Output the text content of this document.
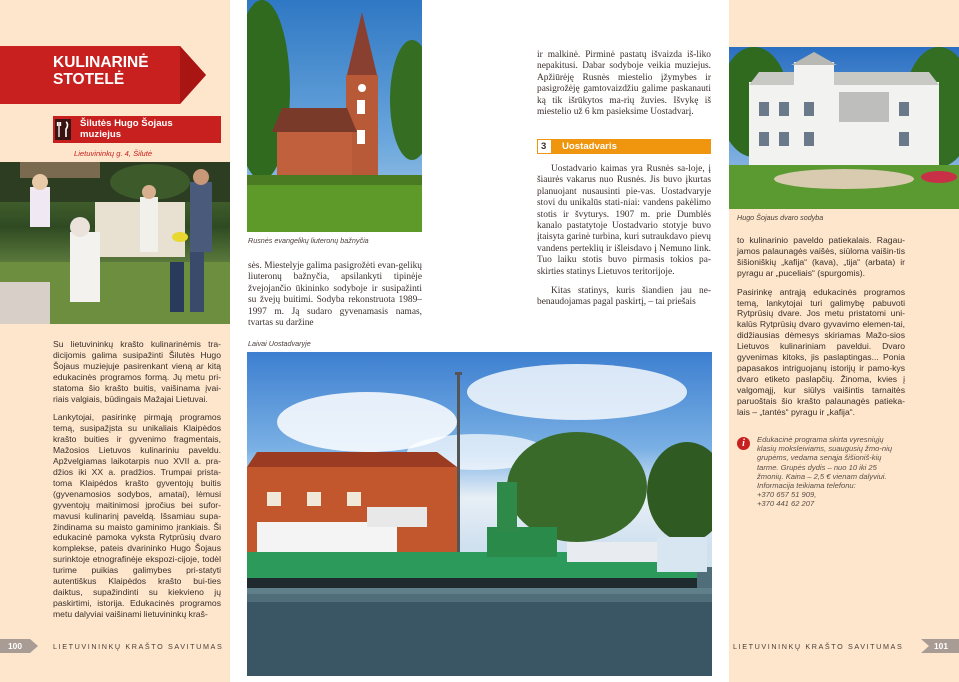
KULINARINĖ
STOTELĖ
Šilutės Hugo Šojaus
muziejus
Lietuvininkų g. 4, Šilutė

Su lietuvininkų krašto kulinarinėmis tra-dicijomis galima susipažinti Šilutės Hugo Šojaus muziejuje pasirenkant vieną ar kitą edukacinės programos formą. Jų metu pri-statoma šio krašto buitis, vaišinama įvai-riais valgiais, būdingais Mažajai Lietuvai.

Lankytojai, pasirinkę pirmąją programos temą, susipažįsta su unikaliais Klaipėdos krašto buities ir gyvenimo fragmentais, Mažosios Lietuvos kulinariniu paveldu. Apžvelgiamas laikotarpis nuo XVII a. pra-džios iki XX a. pradžios. Trumpai prista-toma Klaipėdos krašto gyventojų buitis (gyvenamosios sodybos, amatai), lėmusi gyventojų maitinimosi įpročius bei sufor-mavusi kulinarinį paveldą. Išsamiau supa-žindinama su maisto gaminimo įrankiais. Ši edukacinė pamoka vyksta Rytprūsių dvaro komplekse, pateis dvarininko Hugo Šojaus surinktoje etnografinėje ekspozi-cijoje, todėl turime puikias galimybes pri-statyti autentiškus Klaipėdos krašto bui-ties daiktus, supažindinti su kiekvieno jų paskirtimi, istorija. Edukacinės programos metu dalyviai vaišinami lietuvininkų kraš-

Rusnės evangelikų liuteronų bažnyčia

sės. Miestelyje galima pasigrožėti evan-gelikų liuteronų bažnyčia, apsilankyti tipinėje žvejojančio ūkininko sodyboje ir susipažinti su žvejų buitimi. Sodyba rekonstruota 1989–1997 m. Ją sudaro gyvenamasis namas, tvartas su daržine

Laivai Uostadvaryje
100	LIETUVININKŲ KRAŠTO SAVITUMAS

ir malkinė. Pirminė pastatų išvaizda iš-liko nepakitusi. Dabar sodyboje veikia muziejus. Apžiūrėję Rusnės miestelio įžymybes ir pasigrožėję gamtovaizdžiu galime paskanauti ką tik išrūkytos ma-rių žuvies. Išvykę iš miestelio už 6 km pasieksime Uostadvarį.

3 Uostadvaris

Uostadvario kaimas yra Rusnės sa-loje, į šiaurės vakarus nuo Rusnės. Jis buvo įkurtas planuojant nusausinti pie-vas. Uostadvaryje stovi du unikalūs stati-niai: vandens pakėlimo stotis ir švyturys. 1907 m. prie Dumblės kanalo pastatytoje Uostadvario stotyje buvo įtaisyta garinė turbina, kuri sutraukdavo pievų vandens perteklių ir išleisdavo į Nemuno link. Tuo laiku stotis buvo pirmasis tokios pa-skirties statinys Lietuvos teritorijoje.

Kitas statinys, kuris šiandien jau ne-benaudojamas pagal paskirtį, – tai priešais

Hugo Šojaus dvaro sodyba

to kulinarinio paveldo patiekalais. Ragau-jamos palaunagės vaišės, siūloma vaišin-tis šišioniškių „kafija“ (kava), „tija“ (arbata) ir pyragu ar „puceliais“ (spurgomis).

Pasirinkę antrąją edukacinės programos temą, lankytojai turi galimybę pabuvoti Rytprūsių dvare. Jos metu pristatomi uni-kalūs Rytprūsių dvaro gyvavimo elemen-tai, didžiausias dėmesys skiriamas Mažo-sios Lietuvos kulinariniam paveldui. Dvaro gyvenimas kitoks, jis paslaptingas... Ponia papasakos intriguojanų istorijų ir pamo-kys dvaro etiketo paslapčių. Žinoma, kvies į valgomąjį, kur siūlys vaišintis tarnaitės paruoštais šio krašto palaunagės patieka-lais – „tantės“ pyragu ir „kafija“.

i	Edukacinė programa skirta vyresniųjų klasių moksleiviams, suaugusių žmo-nių grupėms, vedama senąja šišioniš-kių tarme. Grupės dydis – nuo 10 iki 25 žmonių. Kaina – 2,5 € vienam dalyviui. Informacija teikiama telefonu:
+370 657 51 909,
+370 441 62 207
LIETUVININKŲ KRAŠTO SAVITUMAS	101
